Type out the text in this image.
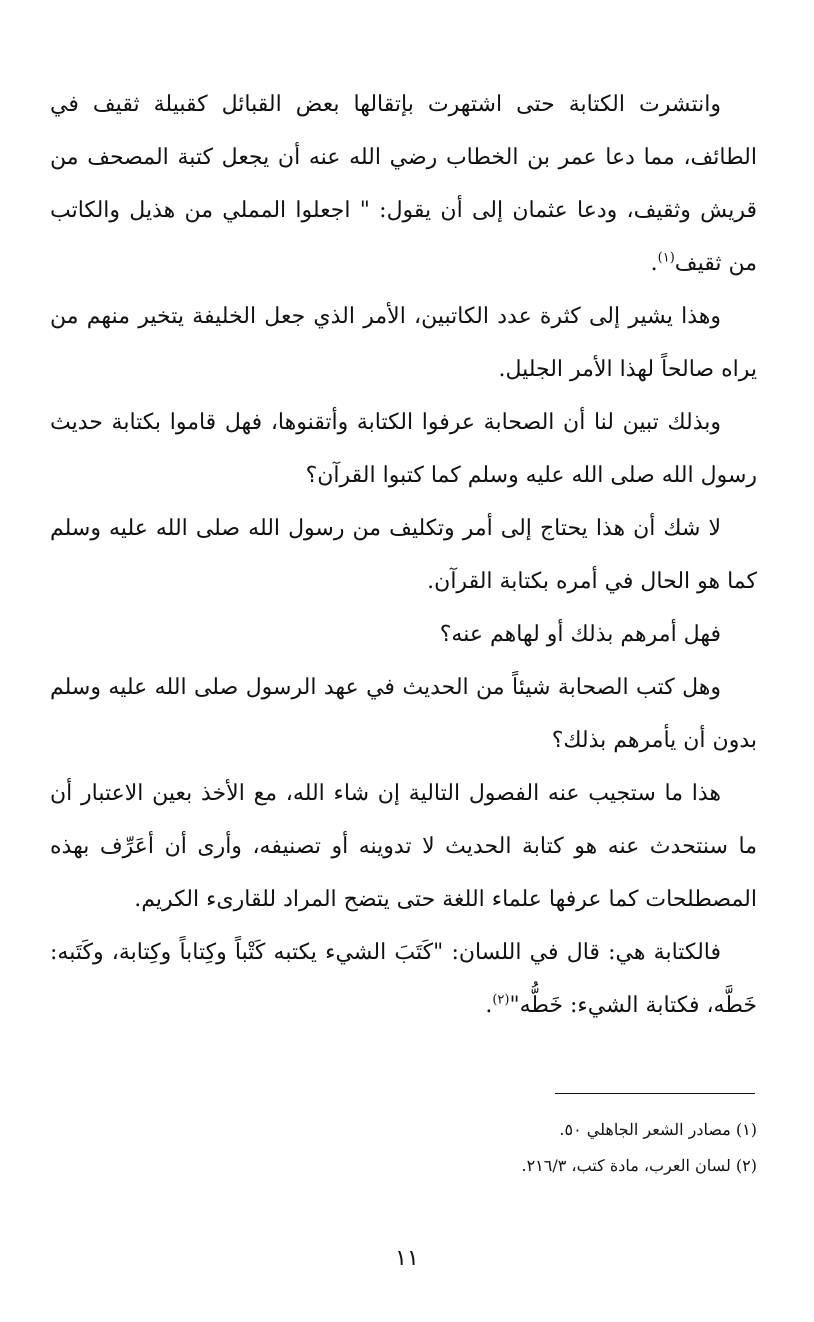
وانتشرت الكتابة حتى اشتهرت بإتقالها بعض القبائل كقبيلة ثقيف في الطائف، مما دعا عمر بن الخطاب رضي الله عنه أن يجعل كتبة المصحف من قريش وثقيف، ودعا عثمان إلى أن يقول: " اجعلوا المملي من هذيل والكاتب من ثقيف$^{(١)}$.

وهذا يشير إلى كثرة عدد الكاتبين، الأمر الذي جعل الخليفة يتخير منهم من يراه صالحاً لهذا الأمر الجليل.

وبذلك تبين لنا أن الصحابة عرفوا الكتابة وأتقنوها، فهل قاموا بكتابة حديث رسول الله صلى الله عليه وسلم كما كتبوا القرآن؟

لا شك أن هذا يحتاج إلى أمر وتكليف من رسول الله صلى الله عليه وسلم كما هو الحال في أمره بكتابة القرآن.

فهل أمرهم بذلك أو لهاهم عنه؟

وهل كتب الصحابة شيئاً من الحديث في عهد الرسول صلى الله عليه وسلم بدون أن يأمرهم بذلك؟

هذا ما ستجيب عنه الفصول التالية إن شاء الله، مع الأخذ بعين الاعتبار أن ما سنتحدث عنه هو كتابة الحديث لا تدوينه أو تصنيفه، وأرى أن أعَرِّف بهذه المصطلحات كما عرفها علماء اللغة حتى يتضح المراد للقارىء الكريم.

فالكتابة هي: قال في اللسان: "كَتَبَ الشيء يكتبه كَتْباً وكِتاباً وكِتابة، وكَتَبه: خَطَّه، فكتابة الشيء: خَطُّه"$^{(٢)}$.

(١) مصادر الشعر الجاهلي ٥٠.
(٢) لسان العرب، مادة كتب، ٢١٦/٣.
١١
